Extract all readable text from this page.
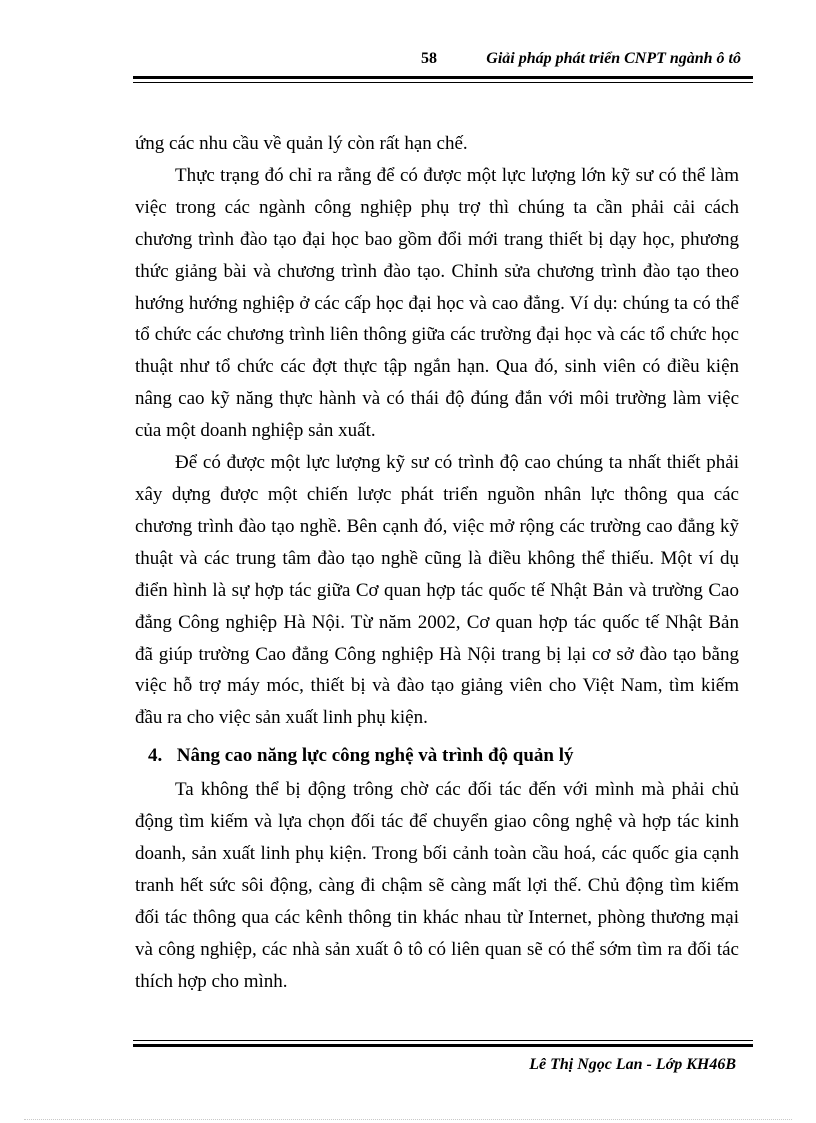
58	Giải pháp phát triển CNPT ngành ô tô

ứng các nhu cầu về quản lý còn rất hạn chế.

Thực trạng đó chỉ ra rằng để có được một lực lượng lớn kỹ sư có thể làm việc trong các ngành công nghiệp phụ trợ thì chúng ta cần phải cải cách chương trình đào tạo đại học bao gồm đổi mới trang thiết bị dạy học, phương thức giảng bài và chương trình đào tạo. Chỉnh sửa chương trình đào tạo theo hướng hướng nghiệp ở các cấp học đại học và cao đẳng. Ví dụ: chúng ta có thể tổ chức các chương trình liên thông giữa các trường đại học và các tổ chức học thuật như tổ chức các đợt thực tập ngắn hạn. Qua đó, sinh viên có điều kiện nâng cao kỹ năng thực hành và có thái độ đúng đắn với môi trường làm việc của một doanh nghiệp sản xuất.

Để có được một lực lượng kỹ sư có trình độ cao chúng ta nhất thiết phải xây dựng được một chiến lược phát triển nguồn nhân lực thông qua các chương trình đào tạo nghề. Bên cạnh đó, việc mở rộng các trường cao đẳng kỹ thuật và các trung tâm đào tạo nghề cũng là điều không thể thiếu. Một ví dụ điển hình là sự hợp tác giữa Cơ quan hợp tác quốc tế Nhật Bản và trường Cao đẳng Công nghiệp Hà Nội. Từ năm 2002, Cơ quan hợp tác quốc tế Nhật Bản đã giúp trường Cao đẳng Công nghiệp Hà Nội trang bị lại cơ sở đào tạo bằng việc hỗ trợ máy móc, thiết bị và đào tạo giảng viên cho Việt Nam, tìm kiếm đầu ra cho việc sản xuất linh phụ kiện.

4. Nâng cao năng lực công nghệ và trình độ quản lý

Ta không thể bị động trông chờ các đối tác đến với mình mà phải chủ động tìm kiếm và lựa chọn đối tác để chuyển giao công nghệ và hợp tác kinh doanh, sản xuất linh phụ kiện. Trong bối cảnh toàn cầu hoá, các quốc gia cạnh tranh hết sức sôi động, càng đi chậm sẽ càng mất lợi thế. Chủ động tìm kiếm đối tác thông qua các kênh thông tin khác nhau từ Internet, phòng thương mại và công nghiệp, các nhà sản xuất ô tô có liên quan sẽ có thể sớm tìm ra đối tác thích hợp cho mình.

Lê Thị Ngọc Lan - Lớp KH46B
